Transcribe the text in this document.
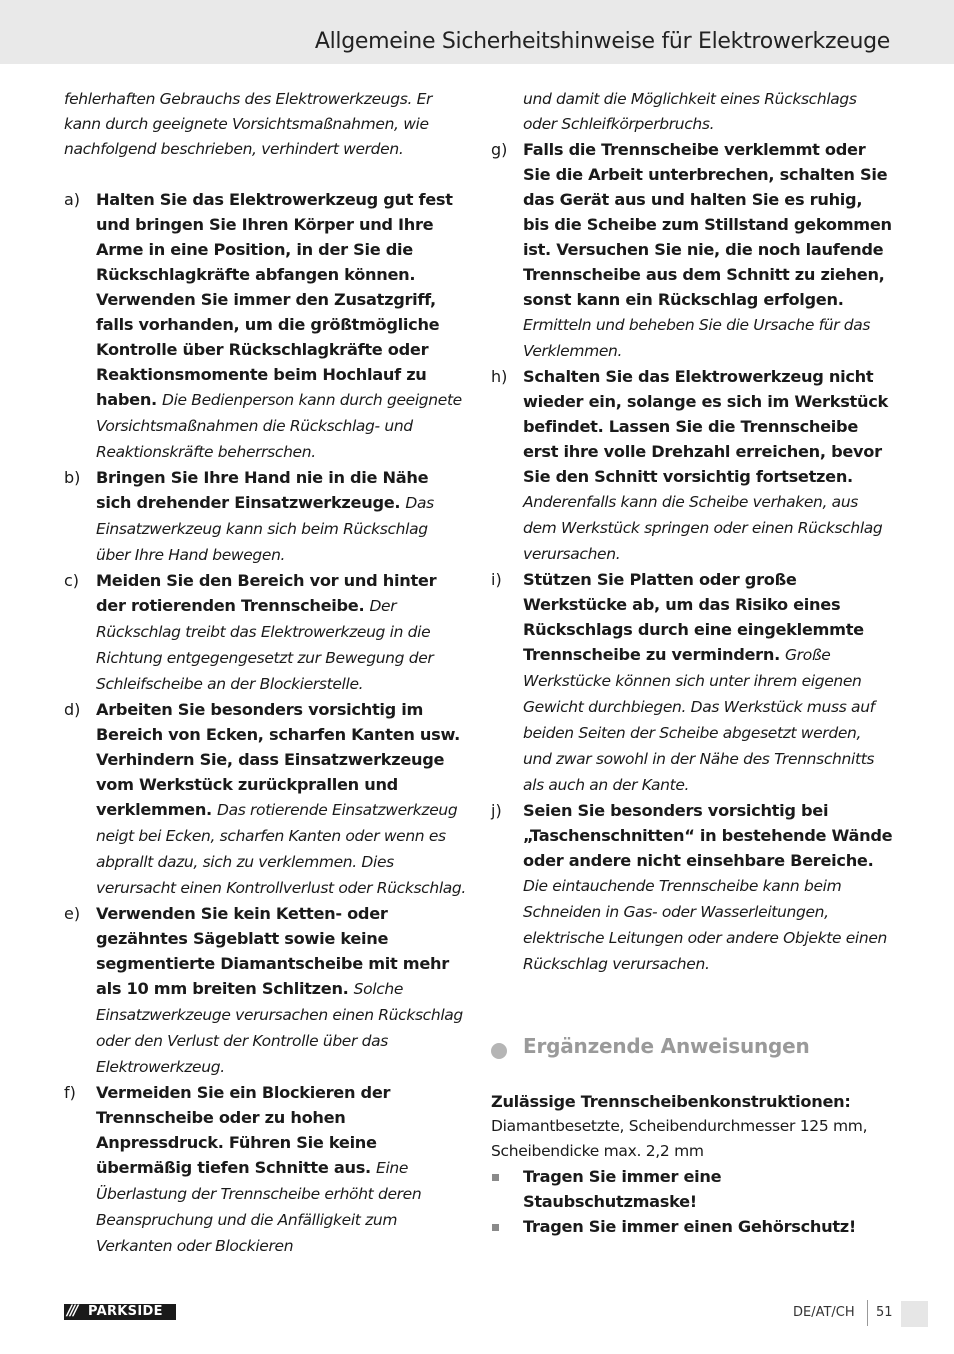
Allgemeine Sicherheitshinweise für Elektrowerkzeuge

fehlerhaften Gebrauchs des Elektrowerkzeugs. Er kann durch geeignete Vorsichtsmaßnahmen, wie nachfolgend beschrieben, verhindert werden.

a) Halten Sie das Elektrowerkzeug gut fest und bringen Sie Ihren Körper und Ihre Arme in eine Position, in der Sie die Rückschlagkräfte abfangen können. Verwenden Sie immer den Zusatzgriff, falls vorhanden, um die größtmögliche Kontrolle über Rückschlagkräfte oder Reaktionsmomente beim Hochlauf zu haben. Die Bedienperson kann durch geeignete Vorsichtsmaßnahmen die Rückschlag- und Reaktionskräfte beherrschen.
b) Bringen Sie Ihre Hand nie in die Nähe sich drehender Einsatzwerkzeuge. Das Einsatzwerkzeug kann sich beim Rückschlag über Ihre Hand bewegen.
c) Meiden Sie den Bereich vor und hinter der rotierenden Trennscheibe. Der Rückschlag treibt das Elektrowerkzeug in die Richtung entgegengesetzt zur Bewegung der Schleifscheibe an der Blockierstelle.
d) Arbeiten Sie besonders vorsichtig im Bereich von Ecken, scharfen Kanten usw. Verhindern Sie, dass Einsatzwerkzeuge vom Werkstück zurückprallen und verklemmen. Das rotierende Einsatzwerkzeug neigt bei Ecken, scharfen Kanten oder wenn es abprallt dazu, sich zu verklemmen. Dies verursacht einen Kontrollverlust oder Rückschlag.
e) Verwenden Sie kein Ketten- oder gezähntes Sägeblatt sowie keine segmentierte Diamantscheibe mit mehr als 10 mm breiten Schlitzen. Solche Einsatzwerkzeuge verursachen einen Rückschlag oder den Verlust der Kontrolle über das Elektrowerkzeug.
f) Vermeiden Sie ein Blockieren der Trennscheibe oder zu hohen Anpressdruck. Führen Sie keine übermäßig tiefen Schnitte aus. Eine Überlastung der Trennscheibe erhöht deren Beanspruchung und die Anfälligkeit zum Verkanten oder Blockieren

und damit die Möglichkeit eines Rückschlags oder Schleifkörperbruchs.

g) Falls die Trennscheibe verklemmt oder Sie die Arbeit unterbrechen, schalten Sie das Gerät aus und halten Sie es ruhig, bis die Scheibe zum Stillstand gekommen ist. Versuchen Sie nie, die noch laufende Trennscheibe aus dem Schnitt zu ziehen, sonst kann ein Rückschlag erfolgen. Ermitteln und beheben Sie die Ursache für das Verklemmen.
h) Schalten Sie das Elektrowerkzeug nicht wieder ein, solange es sich im Werkstück befindet. Lassen Sie die Trennscheibe erst ihre volle Drehzahl erreichen, bevor Sie den Schnitt vorsichtig fortsetzen. Anderenfalls kann die Scheibe verhaken, aus dem Werkstück springen oder einen Rückschlag verursachen.
i) Stützen Sie Platten oder große Werkstücke ab, um das Risiko eines Rückschlags durch eine eingeklemmte Trennscheibe zu vermindern. Große Werkstücke können sich unter ihrem eigenen Gewicht durchbiegen. Das Werkstück muss auf beiden Seiten der Scheibe abgesetzt werden, und zwar sowohl in der Nähe des Trennschnitts als auch an der Kante.
j) Seien Sie besonders vorsichtig bei „Taschenschnitten“ in bestehende Wände oder andere nicht einsehbare Bereiche. Die eintauchende Trennscheibe kann beim Schneiden in Gas- oder Wasserleitungen, elektrische Leitungen oder andere Objekte einen Rückschlag verursachen.
Ergänzende Anweisungen

Zulässige Trennscheibenkonstruktionen:

Diamantbesetzte, Scheibendurchmesser 125 mm, Scheibendicke max. 2,2 mm

Tragen Sie immer eine Staubschutzmaske!
Tragen Sie immer einen Gehörschutz!
/// PARKSIDE	DE/AT/CH 51
